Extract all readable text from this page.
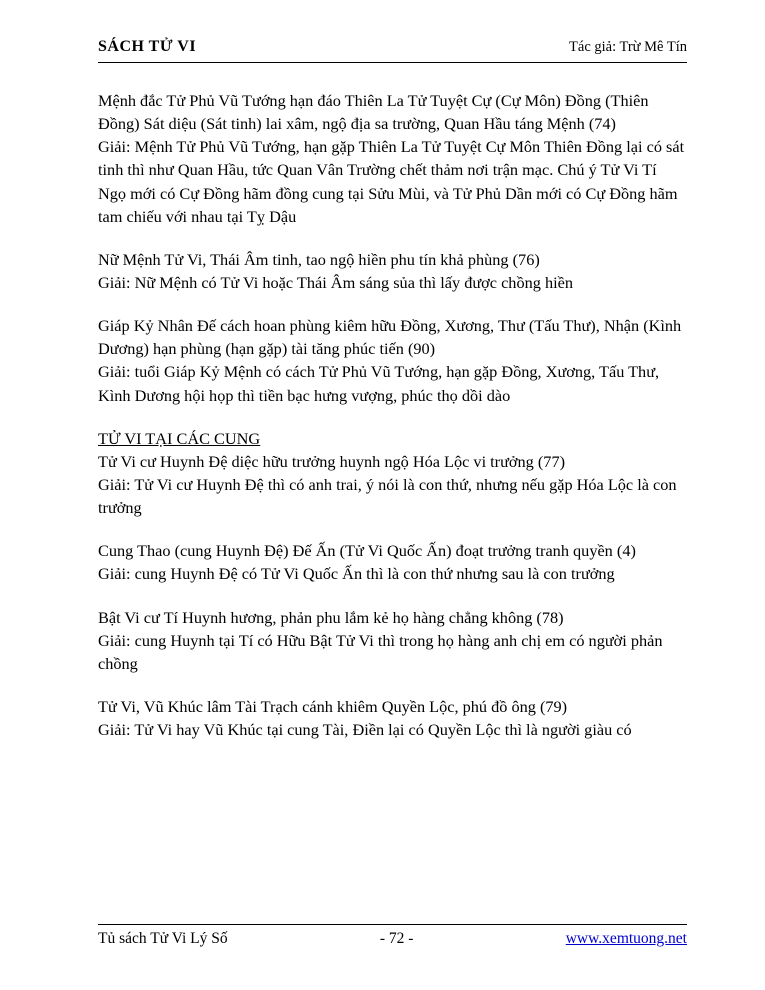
SÁCH TỬ VI	Tác giả: Trừ Mê Tín

Mệnh đắc Tử Phủ Vũ Tướng hạn đáo Thiên La Tử Tuyệt Cự (Cự Môn) Đồng (Thiên Đồng) Sát diệu (Sát tinh) lai xâm, ngộ địa sa trường, Quan Hầu táng Mệnh (74)

Giải: Mệnh Tử Phủ Vũ Tướng, hạn gặp Thiên La Tử Tuyệt Cự Môn Thiên Đồng lại có sát tinh thì như Quan Hầu, tức Quan Vân Trường chết thảm nơi trận mạc. Chú ý Tử Vi Tí Ngọ mới có Cự Đồng hãm đồng cung tại Sửu Mùi, và Tử Phủ Dần mới có Cự Đồng hãm tam chiếu với nhau tại Tỵ Dậu

Nữ Mệnh Tử Vi, Thái Âm tinh, tao ngộ hiền phu tín khả phùng (76)

Giải: Nữ Mệnh có Tử Vi hoặc Thái Âm sáng sủa thì lấy được chồng hiền

Giáp Kỷ Nhân Đế cách hoan phùng kiêm hữu Đồng, Xương, Thư (Tấu Thư), Nhận (Kình Dương) hạn phùng (hạn gặp) tài tăng phúc tiến (90)

Giải: tuổi Giáp Kỷ Mệnh có cách Tử Phủ Vũ Tướng, hạn gặp Đồng, Xương, Tấu Thư, Kình Dương hội họp thì tiền bạc hưng vượng, phúc thọ dồi dào

TỬ VI TẠI CÁC CUNG

Tử Vi cư Huynh Đệ diệc hữu trưởng huynh ngộ Hóa Lộc vi trưởng (77)

Giải: Tử Vi cư Huynh Đệ thì có anh trai, ý nói là con thứ, nhưng nếu gặp Hóa Lộc là con trưởng

Cung Thao (cung Huynh Đệ) Đế Ấn (Tử Vi Quốc Ấn) đoạt trưởng tranh quyền (4)

Giải: cung Huynh Đệ có Tử Vi Quốc Ấn thì là con thứ nhưng sau là con trưởng

Bật Vi cư Tí Huynh hương, phản phu lắm kẻ họ hàng chẳng không (78)

Giải: cung Huynh tại Tí có Hữu Bật Tử Vi thì trong họ hàng anh chị em có người phản chồng

Tử Vi, Vũ Khúc lâm Tài Trạch cánh khiêm Quyền Lộc, phú đồ ông (79)

Giải: Tử Vi hay Vũ Khúc tại cung Tài, Điền lại có Quyền Lộc thì là người giàu có

Tủ sách Tử Vi Lý Số	- 72 -	www.xemtuong.net
